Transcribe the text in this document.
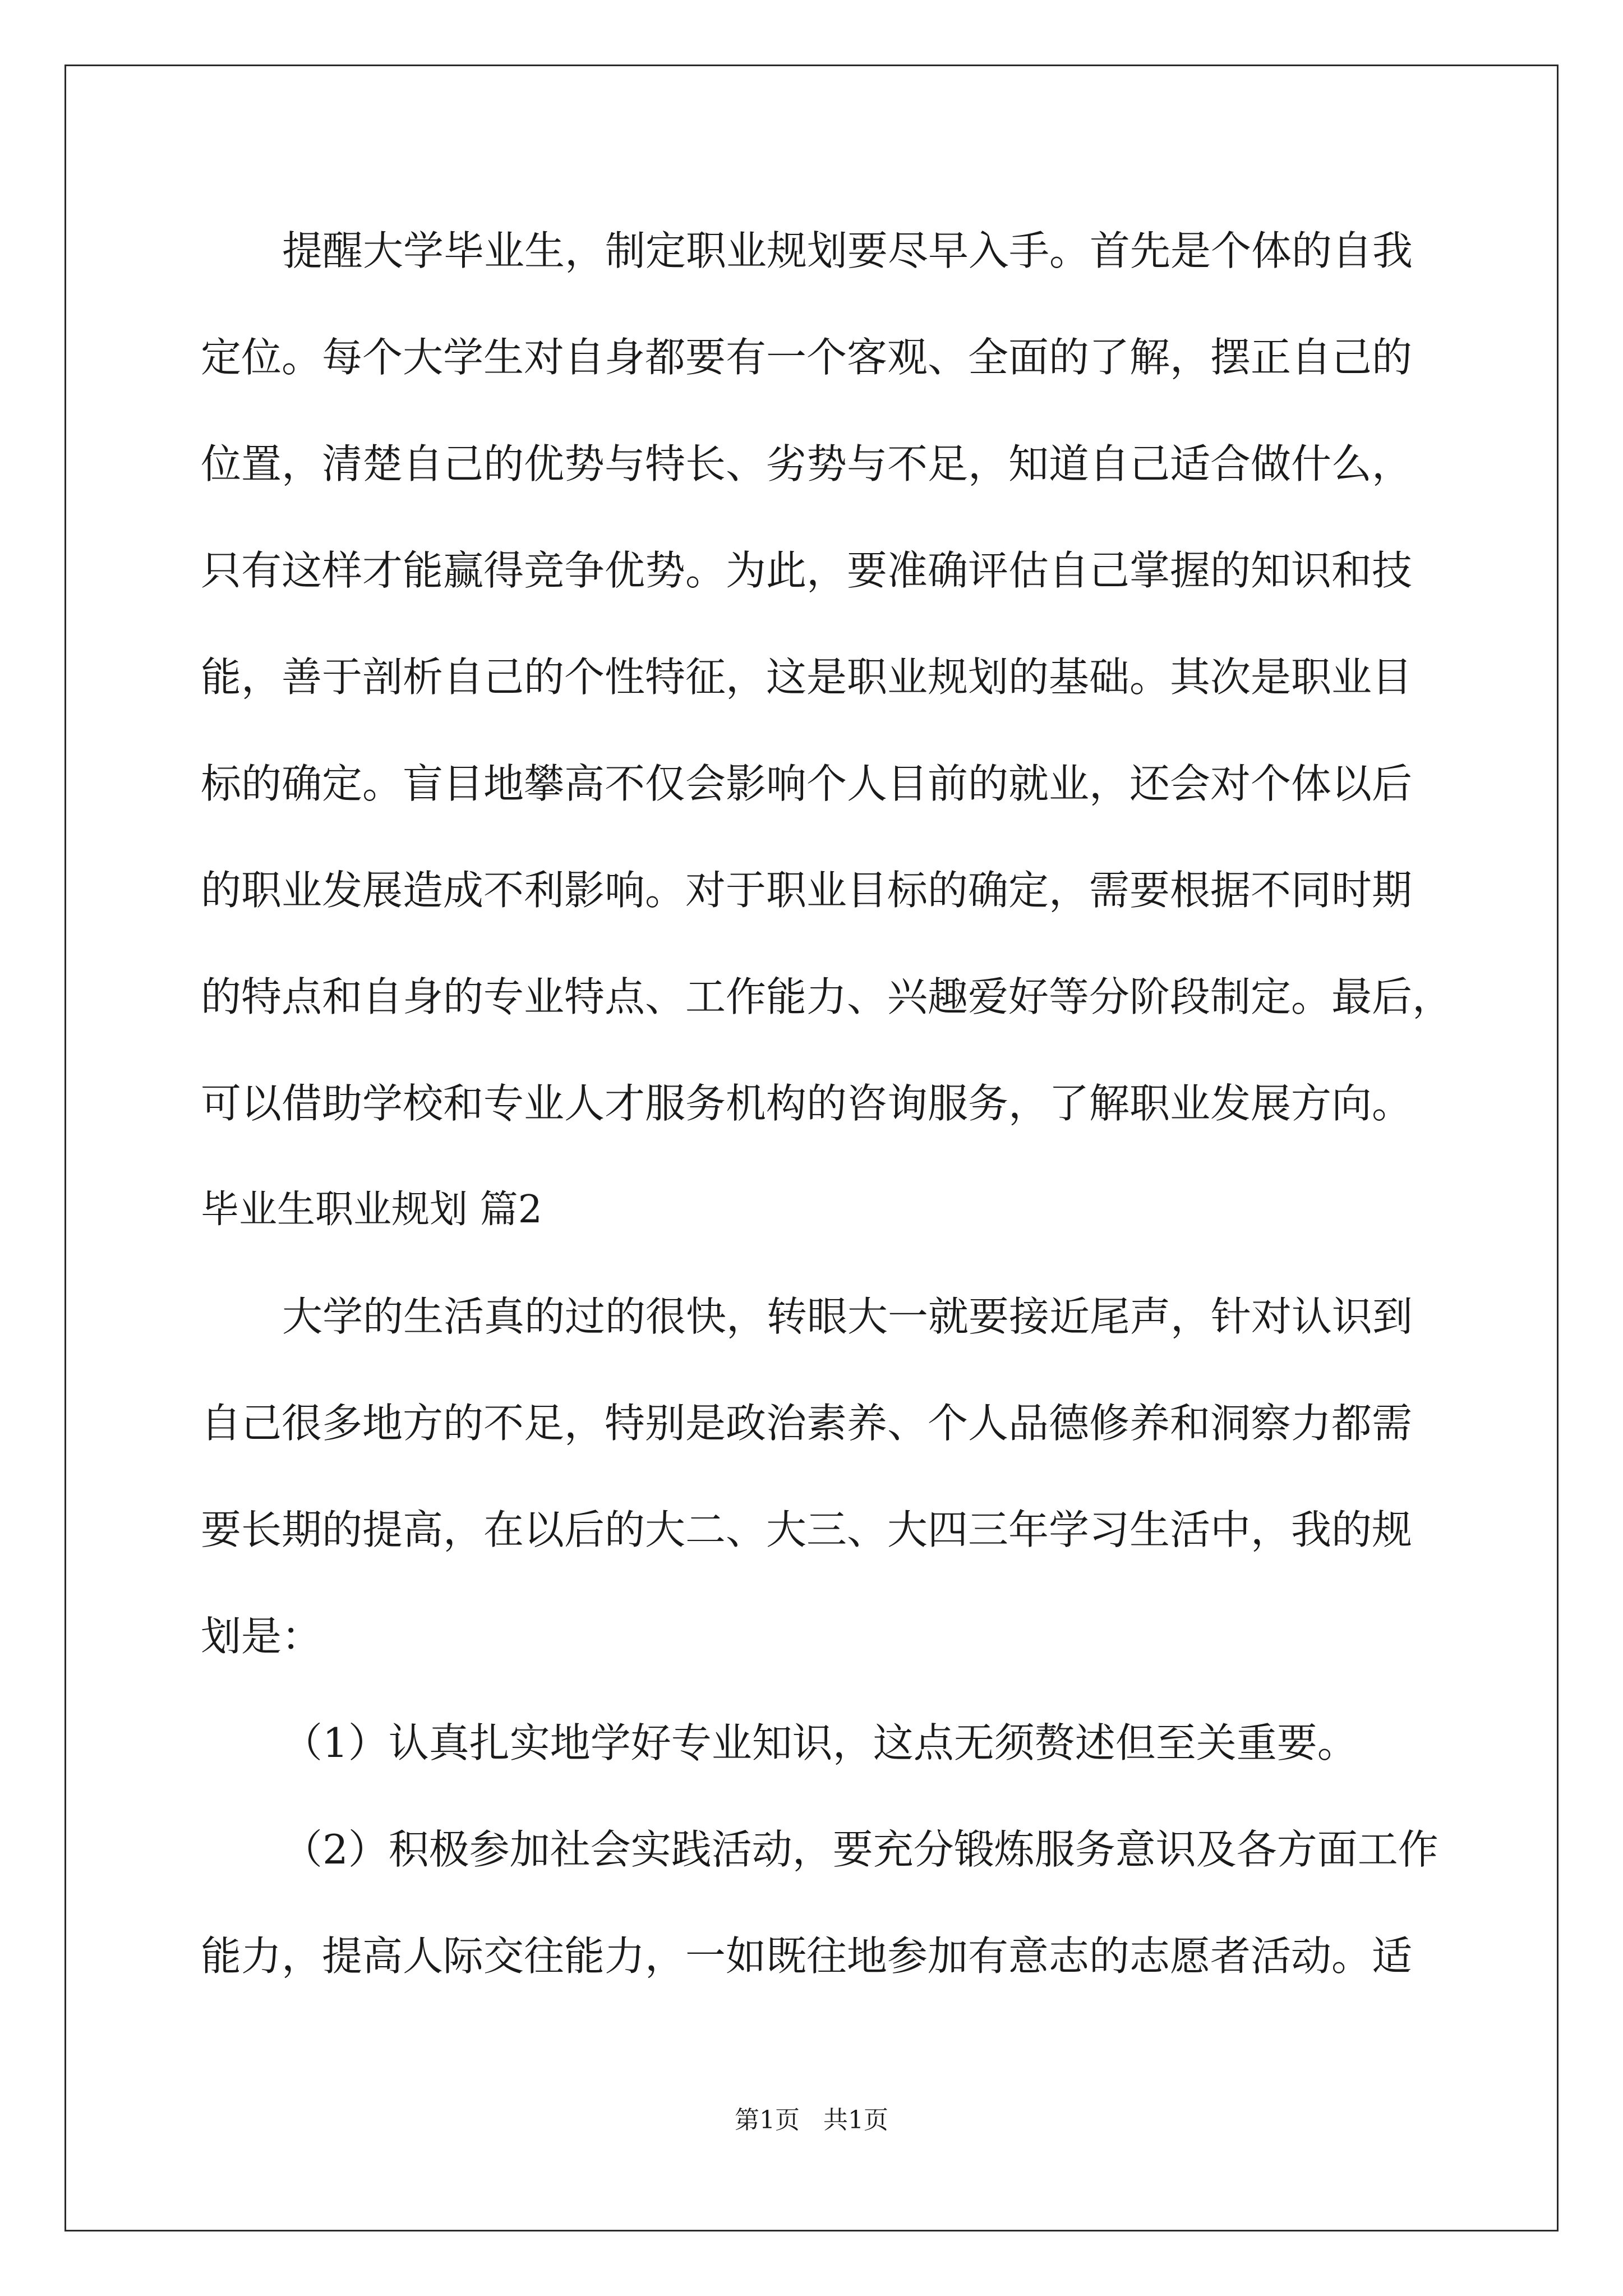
提醒大学毕业生，制定职业规划要尽早入手。首先是个体的自我
定位。每个大学生对自身都要有一个客观、全面的了解，摆正自己的
位置，清楚自己的优势与特长、劣势与不足，知道自己适合做什么，
只有这样才能赢得竞争优势。为此，要准确评估自己掌握的知识和技
能，善于剖析自己的个性特征，这是职业规划的基础。其次是职业目
标的确定。盲目地攀高不仅会影响个人目前的就业，还会对个体以后
的职业发展造成不利影响。对于职业目标的确定，需要根据不同时期
的特点和自身的专业特点、工作能力、兴趣爱好等分阶段制定。最后，
可以借助学校和专业人才服务机构的咨询服务，了解职业发展方向。
毕业生职业规划 篇2
大学的生活真的过的很快，转眼大一就要接近尾声，针对认识到
自己很多地方的不足，特别是政治素养、个人品德修养和洞察力都需
要长期的提高，在以后的大二、大三、大四三年学习生活中，我的规
划是：
（1）认真扎实地学好专业知识，这点无须赘述但至关重要。
（2）积极参加社会实践活动，要充分锻炼服务意识及各方面工作
能力，提高人际交往能力，一如既往地参加有意志的志愿者活动。适
第1页   共1页
